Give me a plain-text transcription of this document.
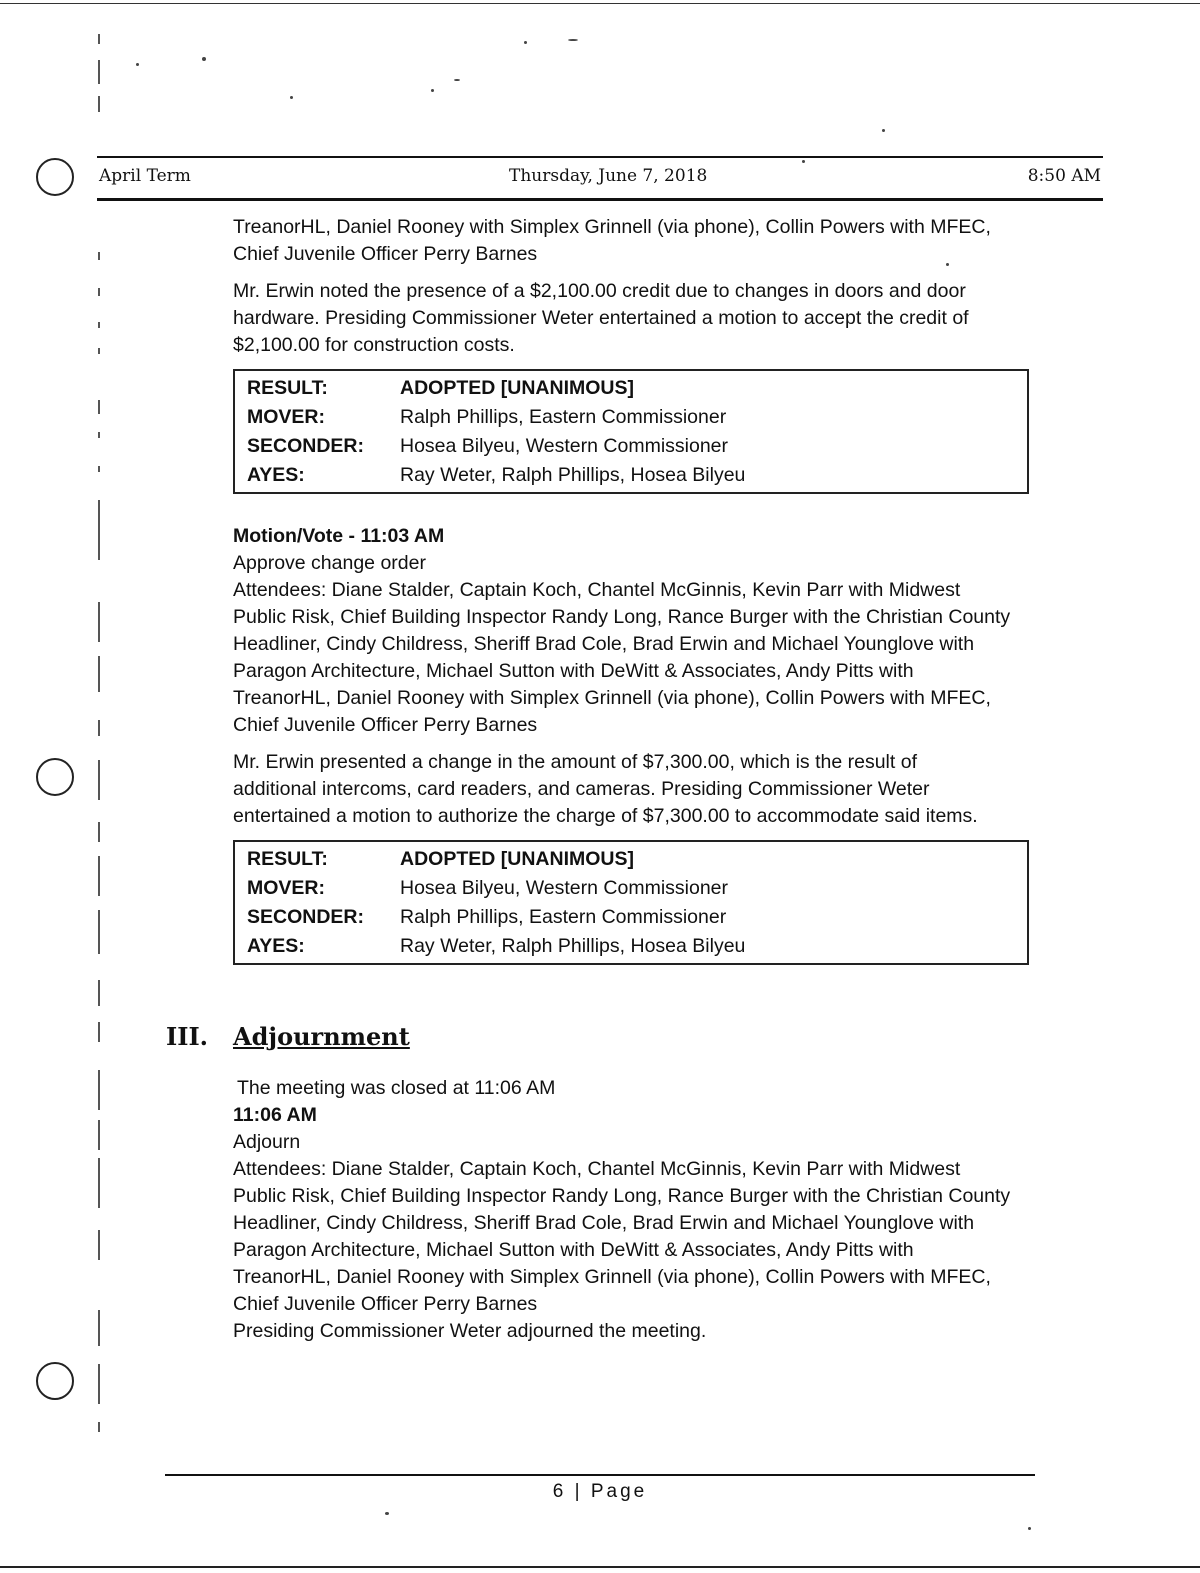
April Term	Thursday, June 7, 2018	8:50 AM

TreanorHL, Daniel Rooney with Simplex Grinnell (via phone), Collin Powers with MFEC,
Chief Juvenile Officer Perry Barnes

Mr. Erwin noted the presence of a $2,100.00 credit due to changes in doors and door
hardware. Presiding Commissioner Weter entertained a motion to accept the credit of
$2,100.00 for construction costs.

RESULT:	ADOPTED [UNANIMOUS]
MOVER:	Ralph Phillips, Eastern Commissioner
SECONDER: Hosea Bilyeu, Western Commissioner
AYES:	Ray Weter, Ralph Phillips, Hosea Bilyeu
Motion/Vote - 11:03 AM
Approve change order

Attendees: Diane Stalder, Captain Koch, Chantel McGinnis, Kevin Parr with Midwest
Public Risk, Chief Building Inspector Randy Long, Rance Burger with the Christian County
Headliner, Cindy Childress, Sheriff Brad Cole, Brad Erwin and Michael Younglove with
Paragon Architecture, Michael Sutton with DeWitt & Associates, Andy Pitts with
TreanorHL, Daniel Rooney with Simplex Grinnell (via phone), Collin Powers with MFEC,
Chief Juvenile Officer Perry Barnes

Mr. Erwin presented a change in the amount of $7,300.00, which is the result of
additional intercoms, card readers, and cameras. Presiding Commissioner Weter
entertained a motion to authorize the charge of $7,300.00 to accommodate said items.

RESULT:	ADOPTED [UNANIMOUS]
MOVER:	Hosea Bilyeu, Western Commissioner
SECONDER: Ralph Phillips, Eastern Commissioner
AYES:	Ray Weter, Ralph Phillips, Hosea Bilyeu
III. Adjournment
The meeting was closed at 11:06 AM
11:06 AM
Adjourn
Attendees: Diane Stalder, Captain Koch, Chantel McGinnis, Kevin Parr with Midwest
Public Risk, Chief Building Inspector Randy Long, Rance Burger with the Christian County
Headliner, Cindy Childress, Sheriff Brad Cole, Brad Erwin and Michael Younglove with
Paragon Architecture, Michael Sutton with DeWitt & Associates, Andy Pitts with
TreanorHL, Daniel Rooney with Simplex Grinnell (via phone), Collin Powers with MFEC,
Chief Juvenile Officer Perry Barnes
Presiding Commissioner Weter adjourned the meeting.
6 | Page
